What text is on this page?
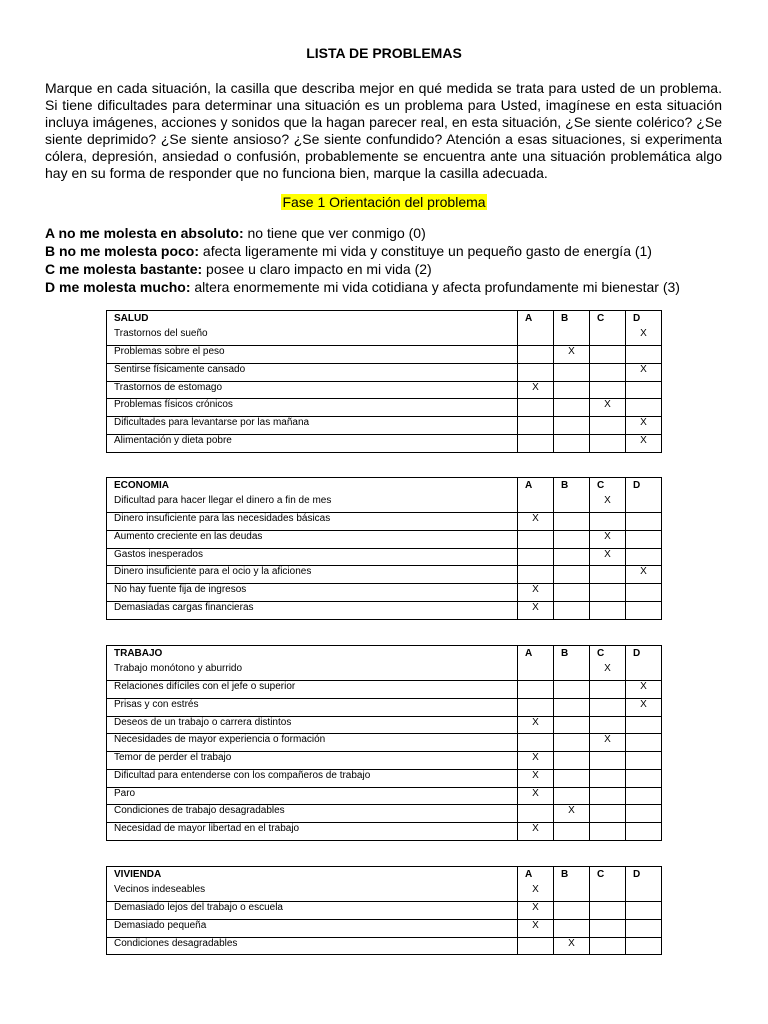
LISTA DE PROBLEMAS
Marque en cada situación, la casilla que describa mejor en qué medida se trata para usted de un problema. Si tiene dificultades para determinar una situación es un problema para Usted, imagínese en esta situación incluya imágenes, acciones y sonidos que la hagan parecer real, en esta situación, ¿Se siente colérico? ¿Se siente deprimido? ¿Se siente ansioso? ¿Se siente confundido? Atención a esas situaciones, si experimenta cólera, depresión, ansiedad o confusión, probablemente se encuentra ante una situación problemática algo hay en su forma de responder que no funciona bien, marque la casilla adecuada.
Fase 1 Orientación del problema
A no me molesta en absoluto: no tiene que ver conmigo (0)
B no me molesta poco: afecta ligeramente mi vida y constituye un pequeño gasto de energía (1)
C me molesta bastante: posee u claro impacto en mi vida (2)
D me molesta mucho: altera enormemente mi vida cotidiana y afecta profundamente mi bienestar (3)
SALUD	A	B	C	D
Trastornos del sueño				X
Problemas sobre el peso		X		
Sentirse físicamente cansado				X
Trastornos de estomago	X			
Problemas físicos crónicos			X	
Dificultades para levantarse por las mañana				X
Alimentación y dieta pobre				X
ECONOMIA	A	B	C	D
Dificultad para hacer llegar el dinero a fin de mes			X	
Dinero insuficiente para las necesidades básicas	X			
Aumento creciente en las deudas			X	
Gastos inesperados			X	
Dinero insuficiente para el ocio y la aficiones				X
No hay fuente fija de ingresos	X			
Demasiadas cargas financieras	X			
TRABAJO	A	B	C	D
Trabajo monótono y aburrido			X	
Relaciones difíciles con el jefe o superior				X
Prisas y con estrés				X
Deseos de un trabajo o carrera distintos	X			
Necesidades de mayor experiencia o formación			X	
Temor de perder el trabajo	X			
Dificultad para entenderse con los compañeros de trabajo	X			
Paro	X			
Condiciones de trabajo desagradables		X		
Necesidad de mayor libertad en el trabajo	X			
VIVIENDA	A	B	C	D
Vecinos indeseables	X			
Demasiado lejos del trabajo o escuela	X			
Demasiado pequeña	X			
Condiciones desagradables		X		
